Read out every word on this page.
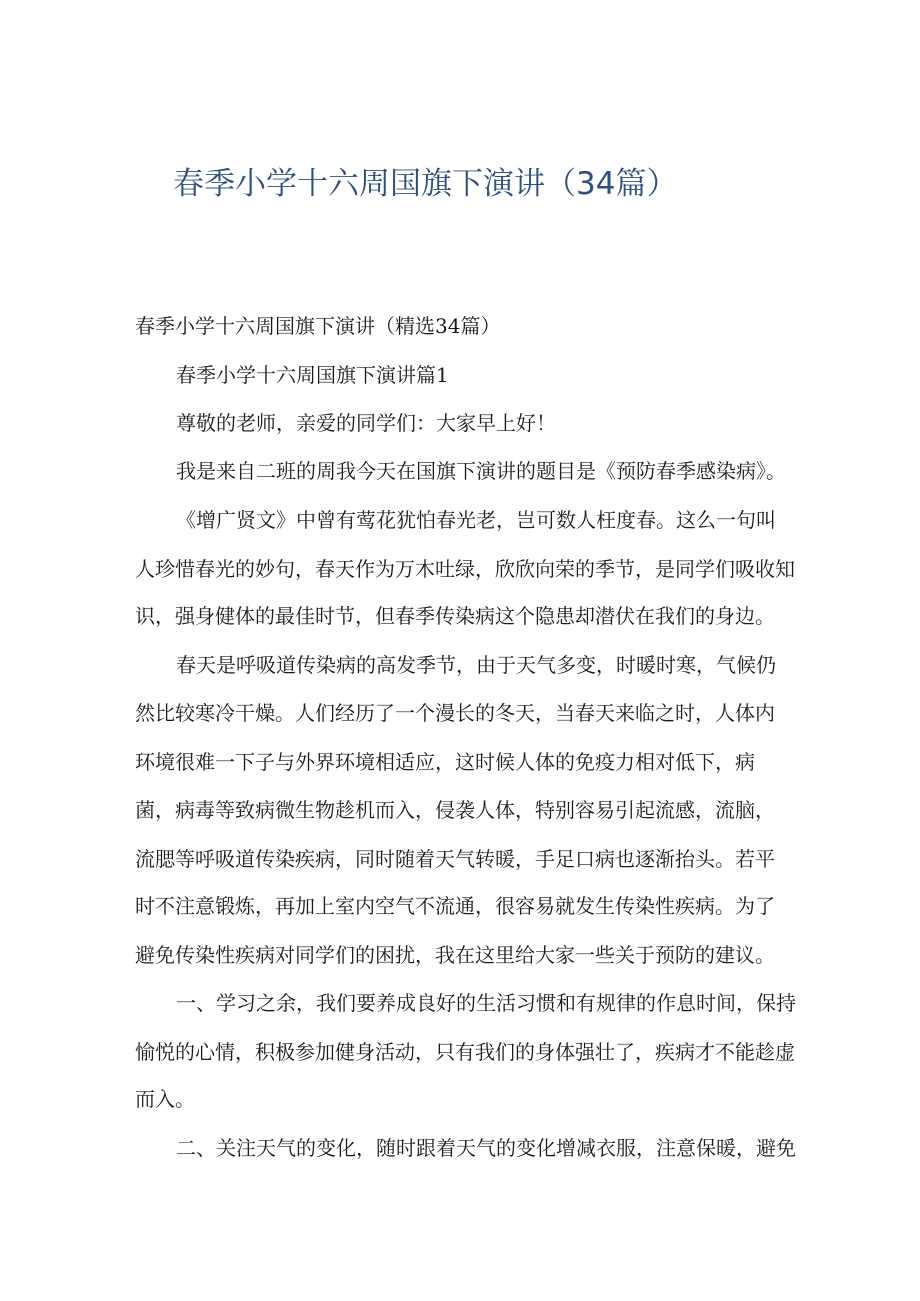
春季小学十六周国旗下演讲（34篇）

春季小学十六周国旗下演讲（精选34篇）

春季小学十六周国旗下演讲篇1

尊敬的老师，亲爱的同学们：大家早上好！

我是来自二班的周我今天在国旗下演讲的题目是《预防春季感染病》。

《增广贤文》中曾有莺花犹怕春光老，岂可数人枉度春。这么一句叫

人珍惜春光的妙句，春天作为万木吐绿，欣欣向荣的季节，是同学们吸收知

识，强身健体的最佳时节，但春季传染病这个隐患却潜伏在我们的身边。

春天是呼吸道传染病的高发季节，由于天气多变，时暖时寒，气候仍

然比较寒冷干燥。人们经历了一个漫长的冬天，当春天来临之时，人体内

环境很难一下子与外界环境相适应，这时候人体的免疫力相对低下，病

菌，病毒等致病微生物趁机而入，侵袭人体，特别容易引起流感，流脑，

流腮等呼吸道传染疾病，同时随着天气转暖，手足口病也逐渐抬头。若平

时不注意锻炼，再加上室内空气不流通，很容易就发生传染性疾病。为了

避免传染性疾病对同学们的困扰，我在这里给大家一些关于预防的建议。

一、学习之余，我们要养成良好的生活习惯和有规律的作息时间，保持

愉悦的心情，积极参加健身活动，只有我们的身体强壮了，疾病才不能趁虚

而入。

二、关注天气的变化，随时跟着天气的变化增减衣服，注意保暖，避免
